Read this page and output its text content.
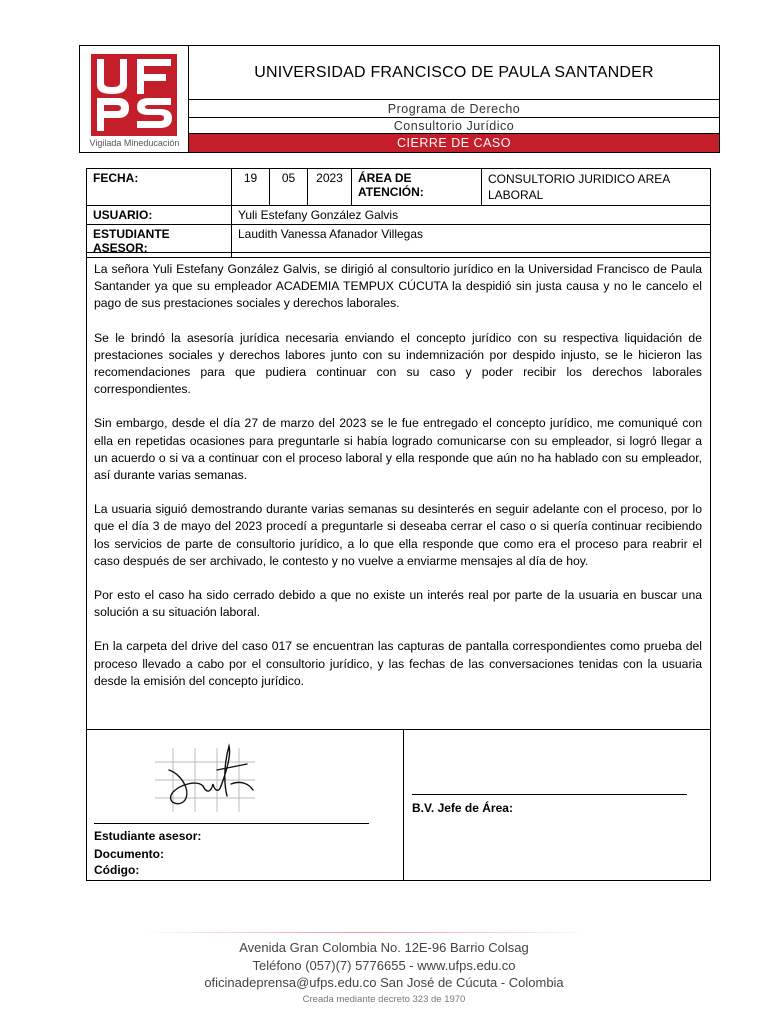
Vigilada Mineducación
UNIVERSIDAD FRANCISCO DE PAULA SANTANDER
Programa de Derecho
Consultorio Jurídico
CIERRE DE CASO
FECHA:	19	05	2023	ÁREA DE ATENCIÓN:	CONSULTORIO JURIDICO AREA LABORAL
USUARIO:	Yuli Estefany González Galvis				
ESTUDIANTE ASESOR:	Laudith Vanessa Afanador Villegas				

La señora Yuli Estefany González Galvis, se dirigió al consultorio jurídico en la Universidad Francisco de Paula Santander ya que su empleador ACADEMIA TEMPUX CÚCUTA la despidió sin justa causa y no le cancelo el pago de sus prestaciones sociales y derechos laborales.

Se le brindó la asesoría jurídica necesaria enviando el concepto jurídico con su respectiva liquidación de prestaciones sociales y derechos labores junto con su indemnización por despido injusto, se le hicieron las recomendaciones para que pudiera continuar con su caso y poder recibir los derechos laborales correspondientes.

Sin embargo, desde el día 27 de marzo del 2023 se le fue entregado el concepto jurídico, me comuniqué con ella en repetidas ocasiones para preguntarle si había logrado comunicarse con su empleador, si logró llegar a un acuerdo o si va a continuar con el proceso laboral y ella responde que aún no ha hablado con su empleador, así durante varias semanas.

La usuaria siguió demostrando durante varias semanas su desinterés en seguir adelante con el proceso, por lo que el día 3 de mayo del 2023 procedí a preguntarle si deseaba cerrar el caso o si quería continuar recibiendo los servicios de parte de consultorio jurídico, a lo que ella responde que como era el proceso para reabrir el caso después de ser archivado, le contesto y no vuelve a enviarme mensajes al día de hoy.

Por esto el caso ha sido cerrado debido a que no existe un interés real por parte de la usuaria en buscar una solución a su situación laboral.

En la carpeta del drive del caso 017 se encuentran las capturas de pantalla correspondientes como prueba del proceso llevado a cabo por el consultorio jurídico, y las fechas de las conversaciones tenidas con la usuaria desde la emisión del concepto jurídico.

Estudiante asesor:
Documento:
Código:
B.V. Jefe de Área:
Avenida Gran Colombia No. 12E-96 Barrio Colsag
Teléfono (057)(7) 5776655 - www.ufps.edu.co
oficinadeprensa@ufps.edu.co San José de Cúcuta - Colombia
Creada mediante decreto 323 de 1970
